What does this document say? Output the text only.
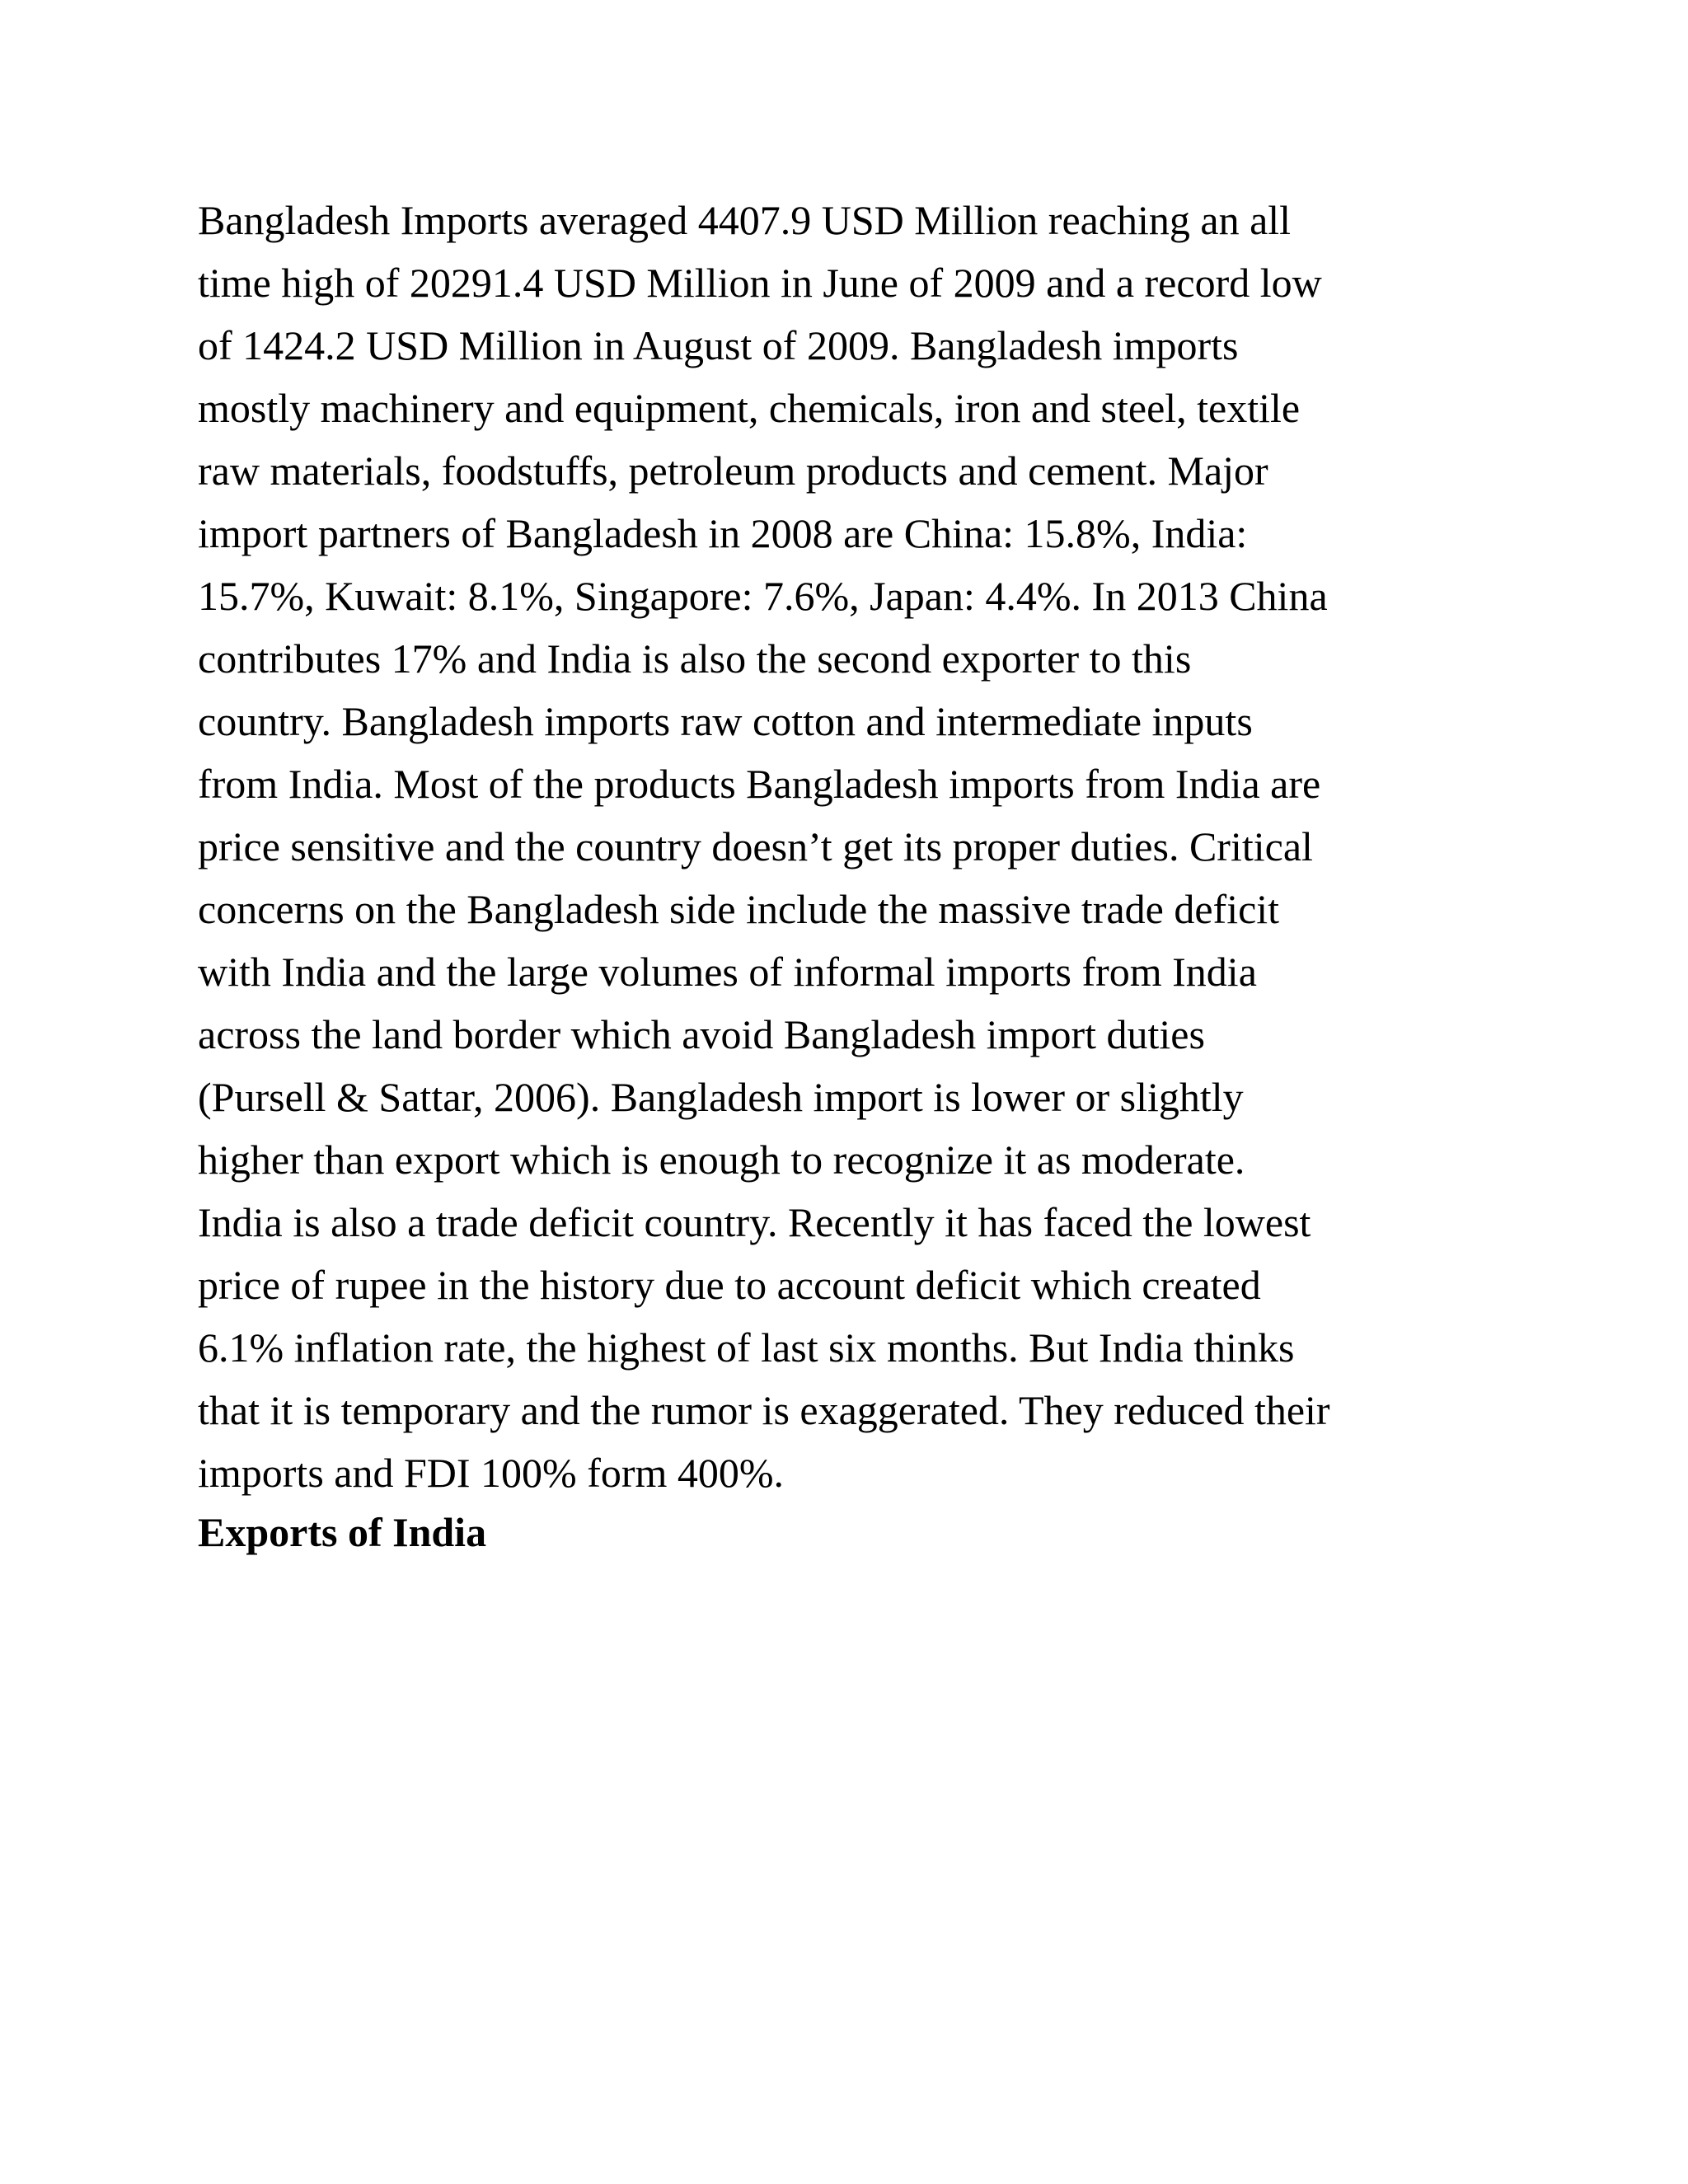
Bangladesh Imports averaged 4407.9 USD Million reaching an all
time high of 20291.4 USD Million in June of 2009 and a record low
of 1424.2 USD Million in August of 2009. Bangladesh imports
mostly machinery and equipment, chemicals, iron and steel, textile
raw materials, foodstuffs, petroleum products and cement. Major
import partners of Bangladesh in 2008 are China: 15.8%, India:
15.7%, Kuwait: 8.1%, Singapore: 7.6%, Japan: 4.4%. In 2013 China
contributes 17% and India is also the second exporter to this
country. Bangladesh imports raw cotton and intermediate inputs
from India. Most of the products Bangladesh imports from India are
price sensitive and the country doesn’t get its proper duties. Critical
concerns on the Bangladesh side include the massive trade deficit
with India and the large volumes of informal imports from India
across the land border which avoid Bangladesh import duties
(Pursell & Sattar, 2006). Bangladesh import is lower or slightly
higher than export which is enough to recognize it as moderate.
India is also a trade deficit country. Recently it has faced the lowest
price of rupee in the history due to account deficit which created
6.1% inflation rate, the highest of last six months. But India thinks
that it is temporary and the rumor is exaggerated. They reduced their
imports and FDI 100% form 400%.
Exports of India
